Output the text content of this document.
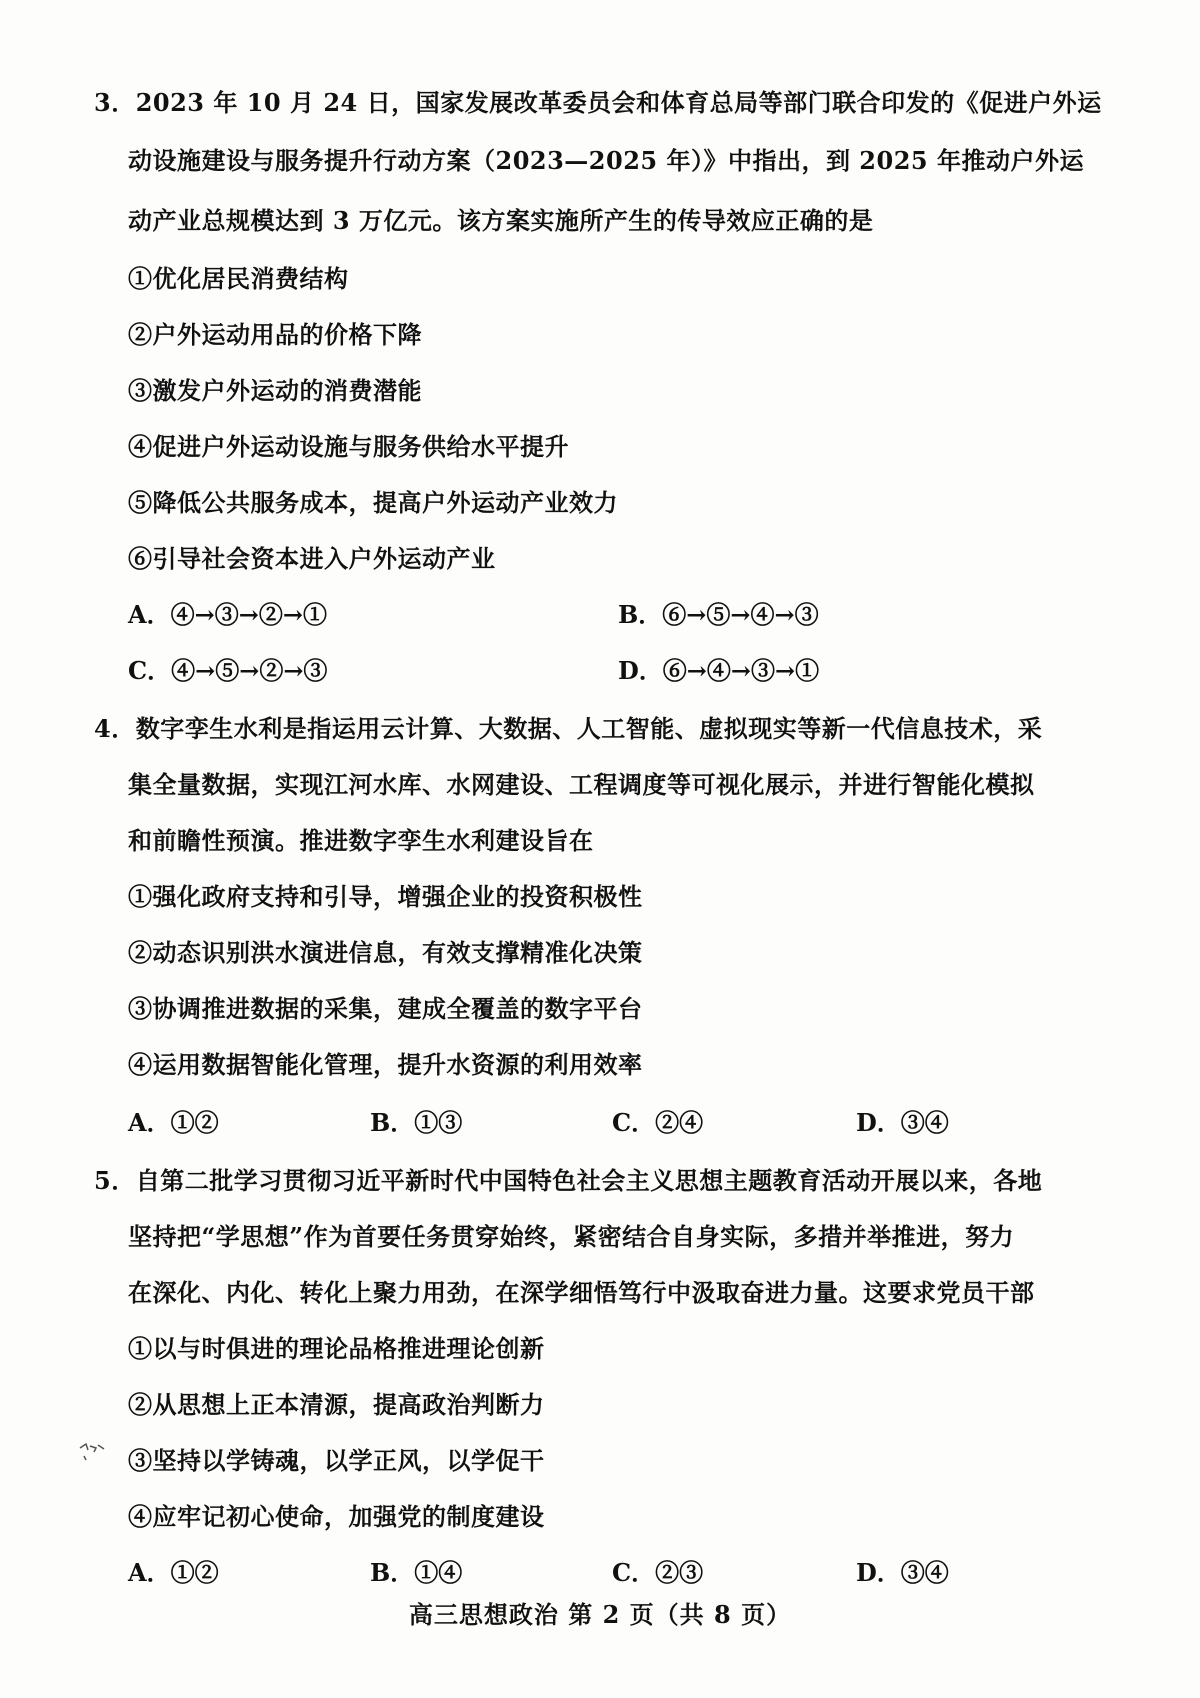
3．2023 年 10 月 24 日，国家发展改革委员会和体育总局等部门联合印发的《促进户外运
动设施建设与服务提升行动方案（2023—2025 年）》中指出，到 2025 年推动户外运
动产业总规模达到 3 万亿元。该方案实施所产生的传导效应正确的是
①优化居民消费结构
②户外运动用品的价格下降
③激发户外运动的消费潜能
④促进户外运动设施与服务供给水平提升
⑤降低公共服务成本，提高户外运动产业效力
⑥引导社会资本进入户外运动产业
A．④→③→②→①	B．⑥→⑤→④→③
C．④→⑤→②→③	D．⑥→④→③→①
4．数字孪生水利是指运用云计算、大数据、人工智能、虚拟现实等新一代信息技术，采
集全量数据，实现江河水库、水网建设、工程调度等可视化展示，并进行智能化模拟
和前瞻性预演。推进数字孪生水利建设旨在
①强化政府支持和引导，增强企业的投资积极性
②动态识别洪水演进信息，有效支撑精准化决策
③协调推进数据的采集，建成全覆盖的数字平台
④运用数据智能化管理，提升水资源的利用效率
A．①②	B．①③	C．②④	D．③④
5．自第二批学习贯彻习近平新时代中国特色社会主义思想主题教育活动开展以来，各地
坚持把“学思想”作为首要任务贯穿始终，紧密结合自身实际，多措并举推进，努力
在深化、内化、转化上聚力用劲，在深学细悟笃行中汲取奋进力量。这要求党员干部
①以与时俱进的理论品格推进理论创新
②从思想上正本清源，提高政治判断力
③坚持以学铸魂，以学正风，以学促干
④应牢记初心使命，加强党的制度建设
A．①②	B．①④	C．②③	D．③④
高三思想政治 第 2 页（共 8 页）
